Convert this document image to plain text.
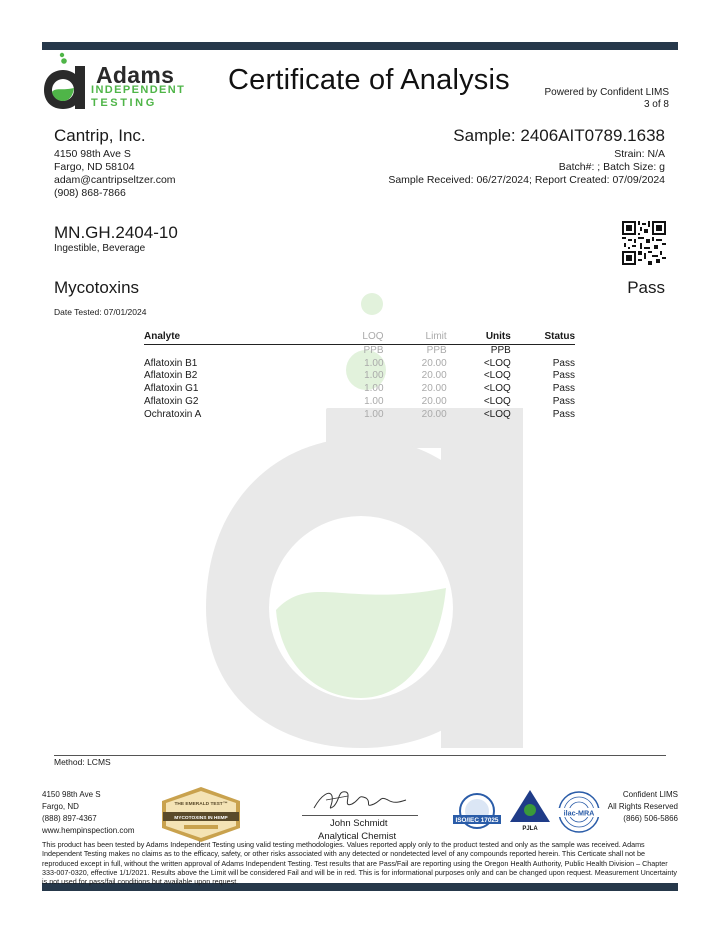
Adams
INDEPENDENT
TESTING
Certificate of Analysis	Powered by Confident LIMS
3 of 8
Cantrip, Inc.
4150 98th Ave S
Fargo, ND 58104
adam@cantripseltzer.com
(908) 868-7866
Sample: 2406AIT0789.1638
Strain: N/A
Batch#: ; Batch Size: g
Sample Received: 06/27/2024; Report Created: 07/09/2024
MN.GH.2404-10
Ingestible, Beverage
Mycotoxins	Pass
Date Tested: 07/01/2024
Analyte	LOQ	Limit	Units	Status
	PPB	PPB	PPB	
Aflatoxin B1	1.00	20.00	<LOQ	Pass
Aflatoxin B2	1.00	20.00	<LOQ	Pass
Aflatoxin G1	1.00	20.00	<LOQ	Pass
Aflatoxin G2	1.00	20.00	<LOQ	Pass
Ochratoxin A	1.00	20.00	<LOQ	Pass
Method: LCMS
4150 98th Ave S
Fargo, ND
(888) 897-4367
www.hempinspection.com
Confident LIMS
All Rights Reserved
(866) 506-5866
THE EMERALD TEST™
MYCOTOXINS IN HEMP	John Schmidt
Analytical Chemist
ISO/IEC 17025
PJLA
ilac-MRA
This product has been tested by Adams Independent Testing using valid testing methodologies. Values reported apply only to the product tested and only as the sample was received. Adams Independent Testing makes no claims as to the efficacy, safety, or other risks associated with any detected or nondetected level of any compounds reported herein. This Certicate shall not be reproduced except in full, without the written approval of Adams Independent Testing. Test results that are Pass/Fail are reporting using the Oregon Health Authority, Public Health Division – Chapter 333-007-0320, effective 1/1/2021. Results above the Limit will be considered Fail and will be in red. This is for informational purposes only and can be changed upon request. Measurement Uncertainty is not used for pass/fail conditions but available upon request.
